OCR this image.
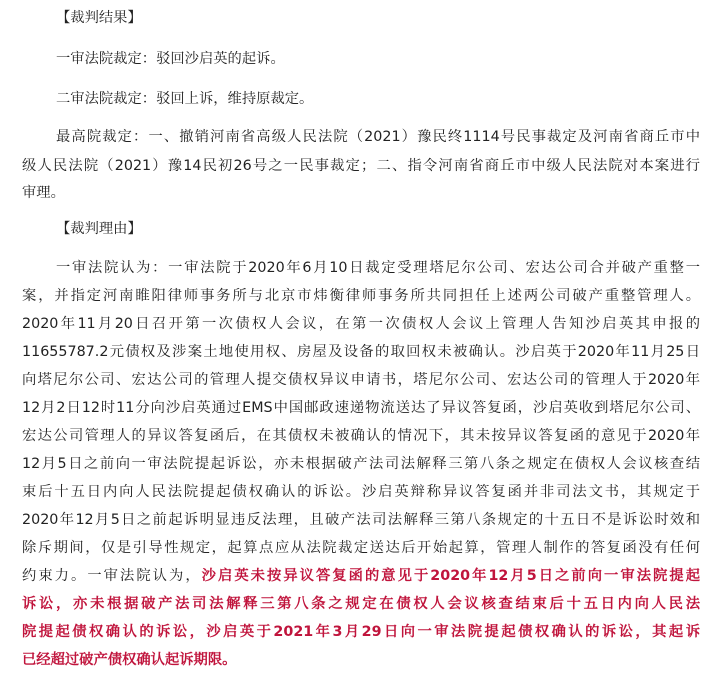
【裁判结果】
一审法院裁定：驳回沙启英的起诉。
二审法院裁定：驳回上诉，维持原裁定。
最高院裁定：一、撤销河南省高级人民法院（2021）豫民终1114号民事裁定及河南省商丘市中
级人民法院（2021）豫14民初26号之一民事裁定；二、指令河南省商丘市中级人民法院对本案进行
审理。
【裁判理由】
一审法院认为：一审法院于2020年6月10日裁定受理塔尼尔公司、宏达公司合并破产重整一
案，并指定河南睢阳律师事务所与北京市炜衡律师事务所共同担任上述两公司破产重整管理人。
2020年11月20日召开第一次债权人会议，在第一次债权人会议上管理人告知沙启英其申报的
11655787.2元债权及涉案土地使用权、房屋及设备的取回权未被确认。沙启英于2020年11月25日
向塔尼尔公司、宏达公司的管理人提交债权异议申请书，塔尼尔公司、宏达公司的管理人于2020年
12月2日12时11分向沙启英通过EMS中国邮政速递物流送达了异议答复函，沙启英收到塔尼尔公司、
宏达公司管理人的异议答复函后，在其债权未被确认的情况下，其未按异议答复函的意见于2020年
12月5日之前向一审法院提起诉讼，亦未根据破产法司法解释三第八条之规定在债权人会议核查结
束后十五日内向人民法院提起债权确认的诉讼。沙启英辩称异议答复函并非司法文书，其规定于
2020年12月5日之前起诉明显违反法理，且破产法司法解释三第八条规定的十五日不是诉讼时效和
除斥期间，仅是引导性规定，起算点应从法院裁定送达后开始起算，管理人制作的答复函没有任何
约束力。一审法院认为，沙启英未按异议答复函的意见于2020年12月5日之前向一审法院提起
诉讼，亦未根据破产法司法解释三第八条之规定在债权人会议核查结束后十五日内向人民法
院提起债权确认的诉讼，沙启英于2021年3月29日向一审法院提起债权确认的诉讼，其起诉
已经超过破产债权确认起诉期限。
